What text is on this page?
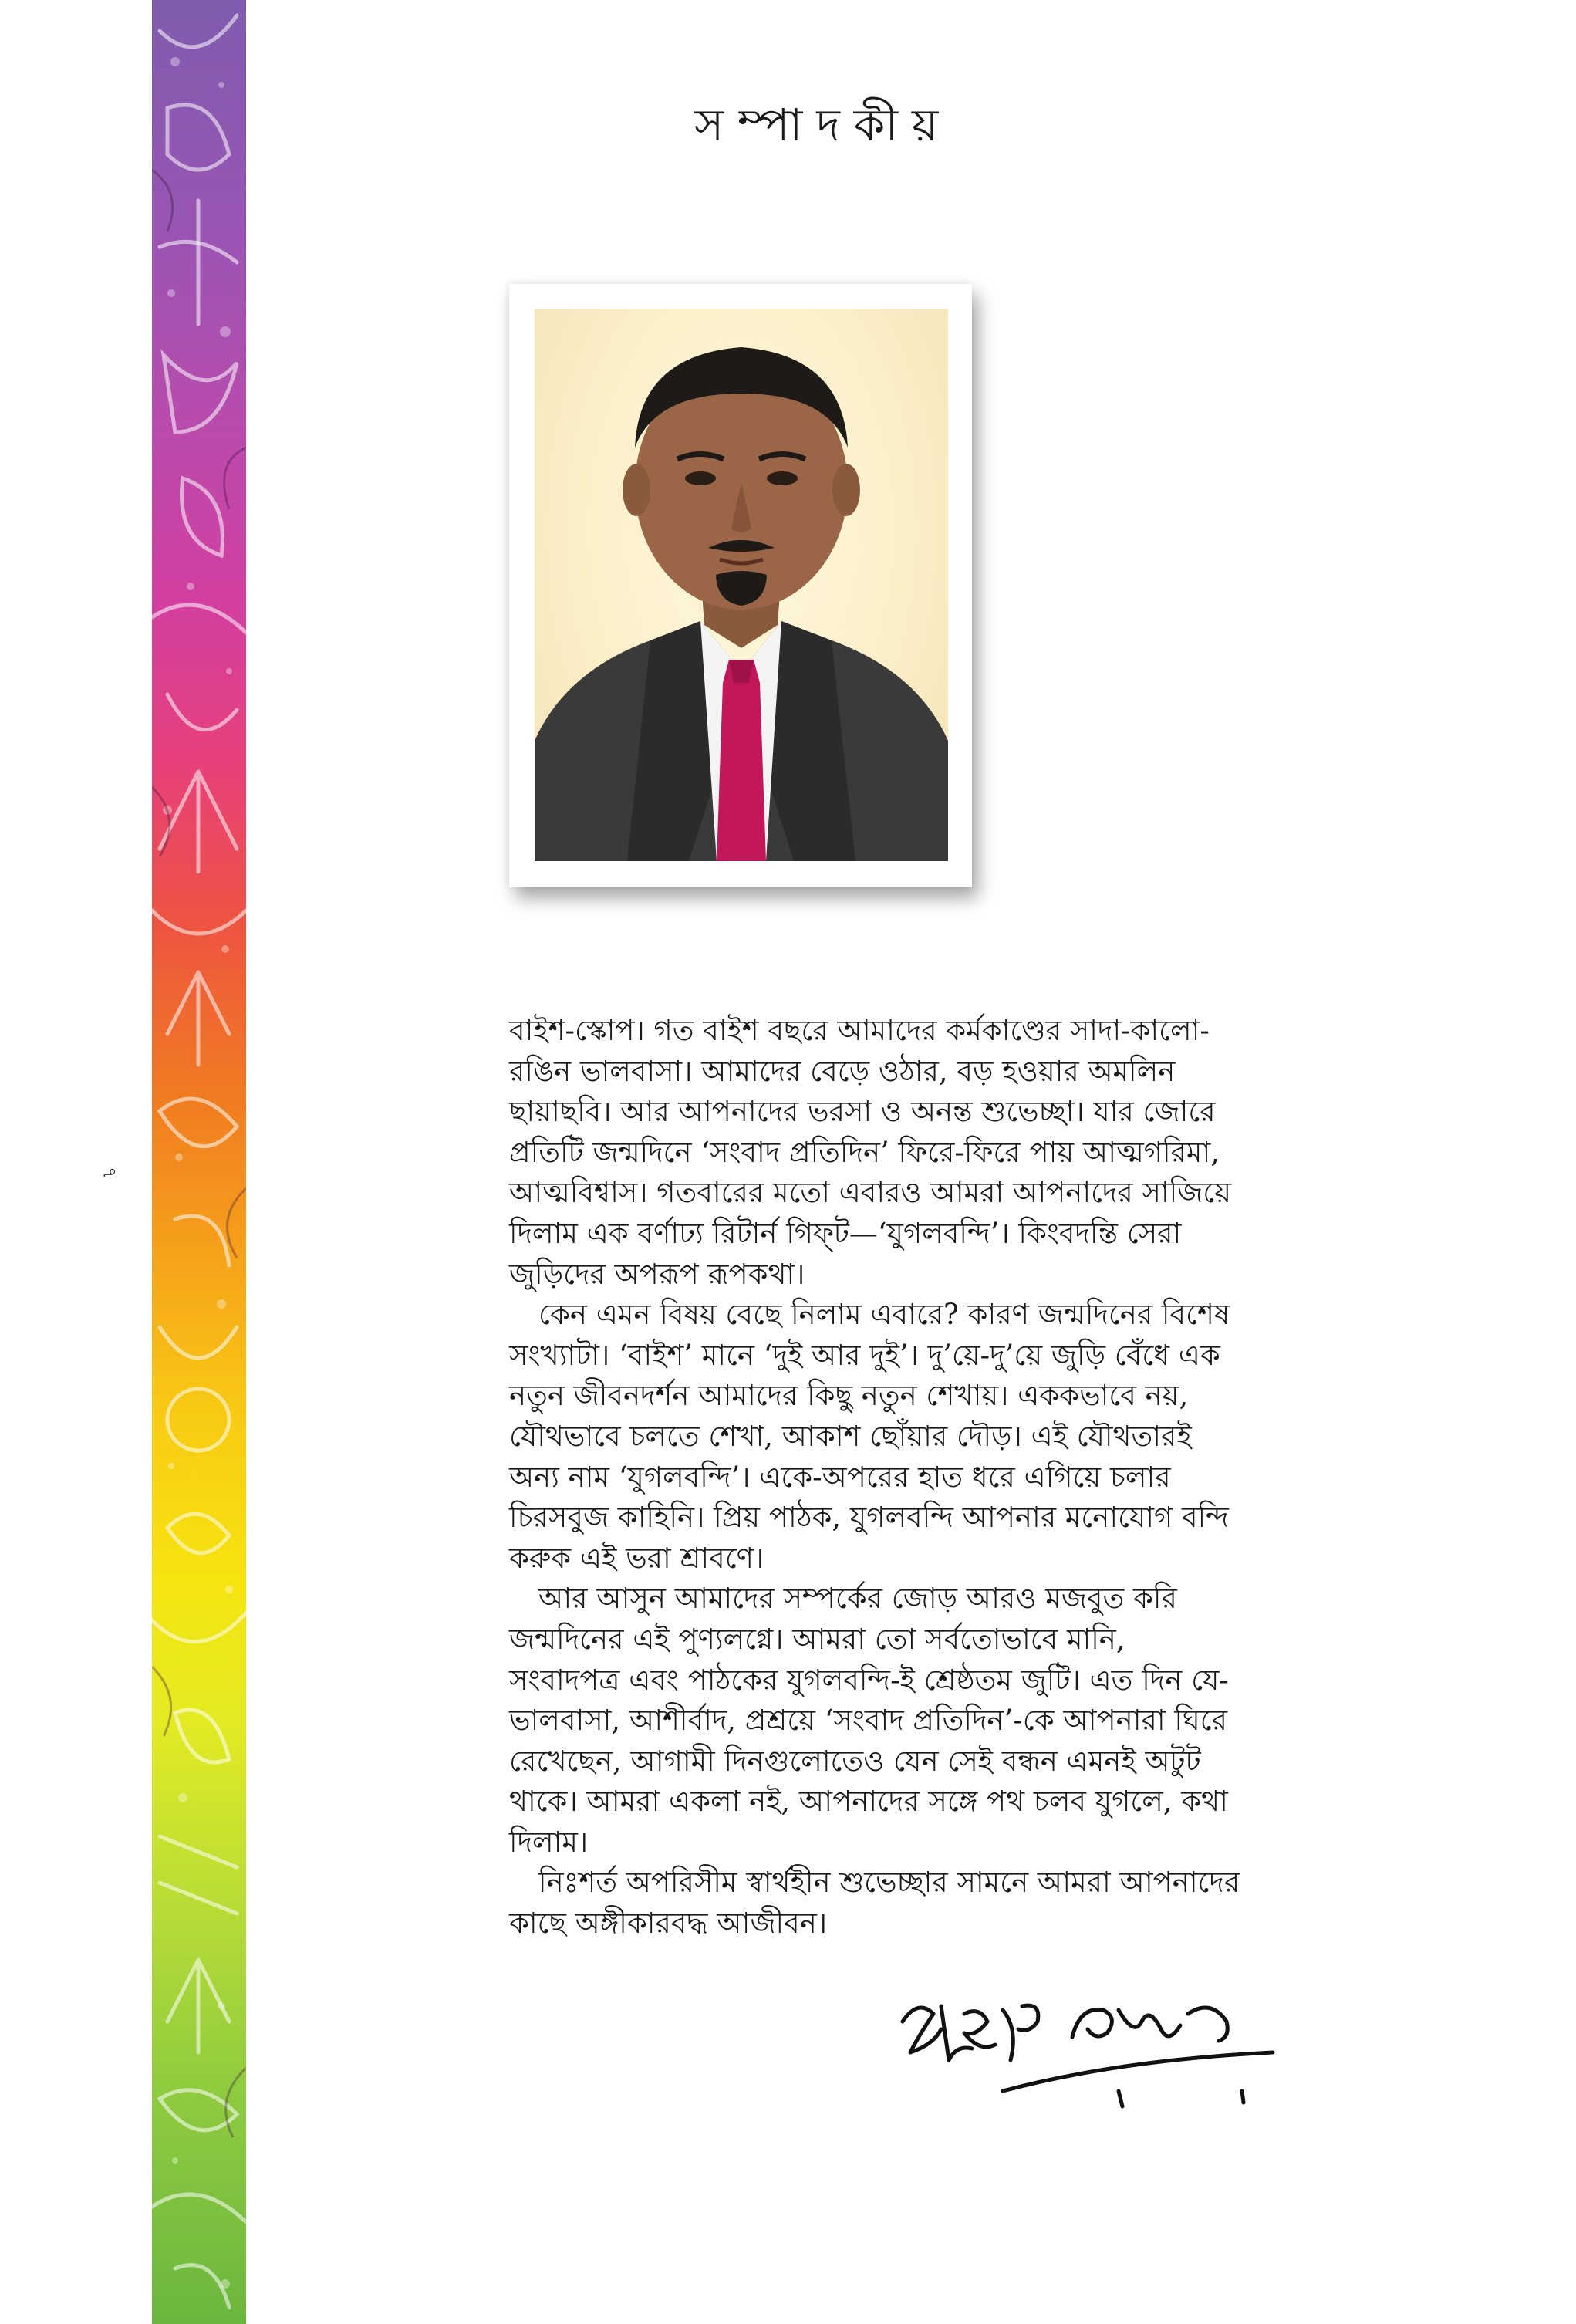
৭
সম্পাদকীয়

বাইশ-স্কোপ। গত বাইশ বছরে আমাদের কর্মকাণ্ডের সাদা-কালো-রঙিন ভালবাসা। আমাদের বেড়ে ওঠার, বড় হওয়ার অমলিন ছায়াছবি। আর আপনাদের ভরসা ও অনন্ত শুভেচ্ছা। যার জোরে প্রতিটি জন্মদিনে ‘সংবাদ প্রতিদিন’ ফিরে-ফিরে পায় আত্মগরিমা, আত্মবিশ্বাস। গতবারের মতো এবারও আমরা আপনাদের সাজিয়ে দিলাম এক বর্ণাঢ্য রিটার্ন গিফ্‌ট—‘যুগলবন্দি’। কিংবদন্তি সেরা জুড়িদের অপরূপ রূপকথা।

কেন এমন বিষয় বেছে নিলাম এবারে? কারণ জন্মদিনের বিশেষ সংখ্যাটা। ‘বাইশ’ মানে ‘দুই আর দুই’। দু’য়ে-দু’য়ে জুড়ি বেঁধে এক নতুন জীবনদর্শন আমাদের কিছু নতুন শেখায়। এককভাবে নয়, যৌথভাবে চলতে শেখা, আকাশ ছোঁয়ার দৌড়। এই যৌথতারই অন্য নাম ‘যুগলবন্দি’। একে-অপরের হাত ধরে এগিয়ে চলার চিরসবুজ কাহিনি। প্রিয় পাঠক, যুগলবন্দি আপনার মনোযোগ বন্দি করুক এই ভরা শ্রাবণে।

আর আসুন আমাদের সম্পর্কের জোড় আরও মজবুত করি জন্মদিনের এই পুণ্যলগ্নে। আমরা তো সর্বতোভাবে মানি, সংবাদপত্র এবং পাঠকের যুগলবন্দি-ই শ্রেষ্ঠতম জুটি। এত দিন যে-ভালবাসা, আশীর্বাদ, প্রশ্রয়ে ‘সংবাদ প্রতিদিন’-কে আপনারা ঘিরে রেখেছেন, আগামী দিনগুলোতেও যেন সেই বন্ধন এমনই অটুট থাকে। আমরা একলা নই, আপনাদের সঙ্গে পথ চলব যুগলে, কথা দিলাম।

নিঃশর্ত অপরিসীম স্বার্থহীন শুভেচ্ছার সামনে আমরা আপনাদের কাছে অঙ্গীকারবদ্ধ আজীবন।
